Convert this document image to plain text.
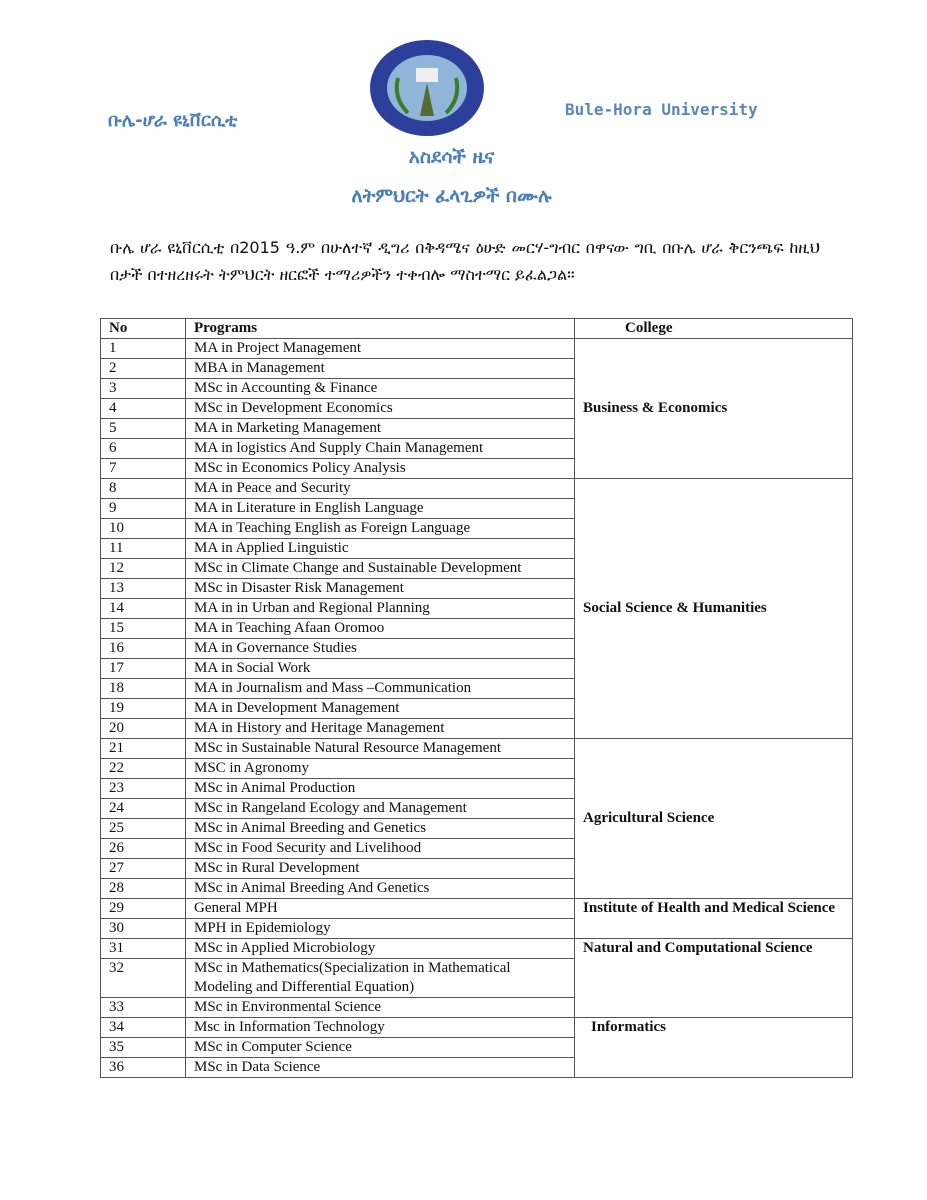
ቡሌ-ሆራ ዩኒቨርሲቲ
Bule-Hora University
አስደሳች ዜና
ለትምህርት ፈላጊዎች በሙሉ
ቡሌ ሆራ ዩኒቨርሲቲ በ2015 ዓ.ም በሁለተኛ ዲግሪ በቅዳሜና ዕሁድ መርሃ-ግብር በዋናው ግቢ በቡሌ ሆራ ቅርንጫፍ ከዚህ በታች በተዘረዘሩት ትምህርት ዘርፎች ተማሪዎችን ተቀብሎ ማስተማር ይፈልጋል።
No	Programs	College
1	MA in Project Management	Business & Economics
2	MBA in Management	
3	MSc in Accounting & Finance	
4	MSc in Development Economics	
5	MA in Marketing Management	
6	MA in logistics And Supply Chain Management	
7	MSc in Economics Policy Analysis	
8	MA in Peace and Security	Social Science & Humanities
9	MA in Literature in English Language	
10	MA in Teaching English as Foreign Language	
11	MA in Applied Linguistic	
12	MSc in Climate Change and Sustainable Development	
13	MSc in Disaster Risk Management	
14	MA in in Urban and Regional Planning	
15	MA in Teaching Afaan Oromoo	
16	MA in Governance Studies	
17	MA in Social Work	
18	MA in Journalism and Mass –Communication	
19	MA in Development Management	
20	MA in History and Heritage Management	
21	MSc in Sustainable Natural Resource Management	Agricultural Science
22	MSC in Agronomy	
23	MSc in Animal Production	
24	MSc in Rangeland Ecology and Management	
25	MSc in Animal Breeding and Genetics	
26	MSc in Food Security and Livelihood	
27	MSc in Rural Development	
28	MSc in Animal Breeding And Genetics	
29	General MPH	Institute of Health and Medical Science
30	MPH in Epidemiology	
31	MSc in Applied Microbiology	Natural and Computational Science
32	MSc in Mathematics(Specialization in Mathematical Modeling and Differential Equation)	
33	MSc in Environmental Science	
34	Msc in Information Technology	Informatics
35	MSc in Computer Science	
36	MSc in Data Science	
